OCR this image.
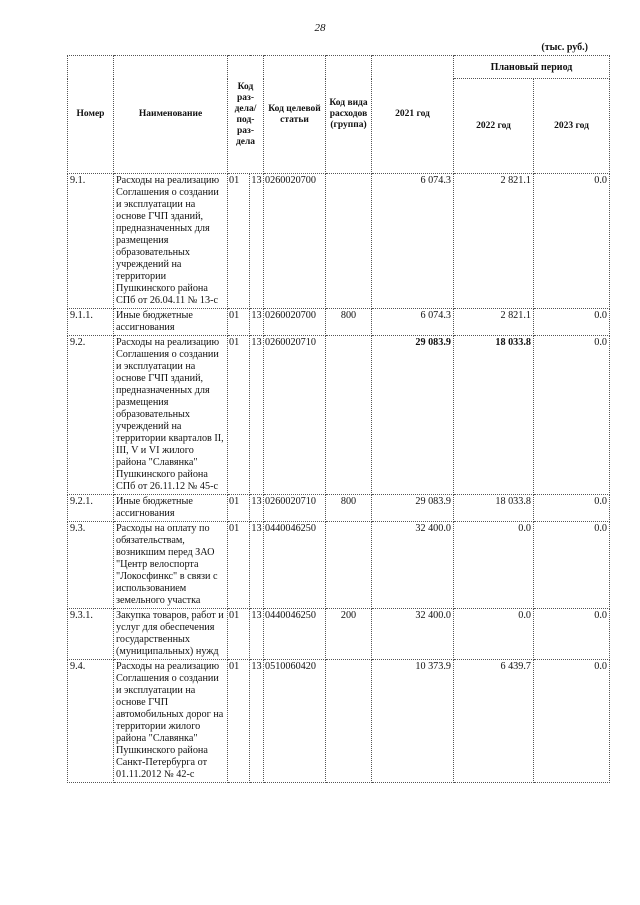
28
(тыс. руб.)
Номер	Наименование	Код раз-дела/ под-раз-дела		Код целевой статьи	Код вида расходов (группа)	2021 год	Плановый период	
							2022 год	2023 год
9.1.	Расходы на реализацию Соглашения о создании и эксплуатации на основе ГЧП зданий, предназначенных для размещения образовательных учреждений на территории Пушкинского района СПб от 26.04.11 № 13-с	01	13	0260020700		6 074.3	2 821.1	0.0
9.1.1.	Иные бюджетные ассигнования	01	13	0260020700	800	6 074.3	2 821.1	0.0
9.2.	Расходы на реализацию Соглашения о создании и эксплуатации на основе ГЧП зданий, предназначенных для размещения образовательных учреждений на территории кварталов II, III, V и VI жилого района "Славянка" Пушкинского района СПб от 26.11.12 № 45-с	01	13	0260020710		29 083.9	18 033.8	0.0
9.2.1.	Иные бюджетные ассигнования	01	13	0260020710	800	29 083.9	18 033.8	0.0
9.3.	Расходы на оплату по обязательствам, возникшим перед ЗАО "Центр велоспорта "Локосфинкс" в связи с использованием земельного участка	01	13	0440046250		32 400.0	0.0	0.0
9.3.1.	Закупка товаров, работ и услуг для обеспечения государственных (муниципальных) нужд	01	13	0440046250	200	32 400.0	0.0	0.0
9.4.	Расходы на реализацию Соглашения о создании и эксплуатации на основе ГЧП автомобильных дорог на территории жилого района "Славянка" Пушкинского района Санкт-Петербурга от 01.11.2012 № 42-с	01	13	0510060420		10 373.9	6 439.7	0.0
